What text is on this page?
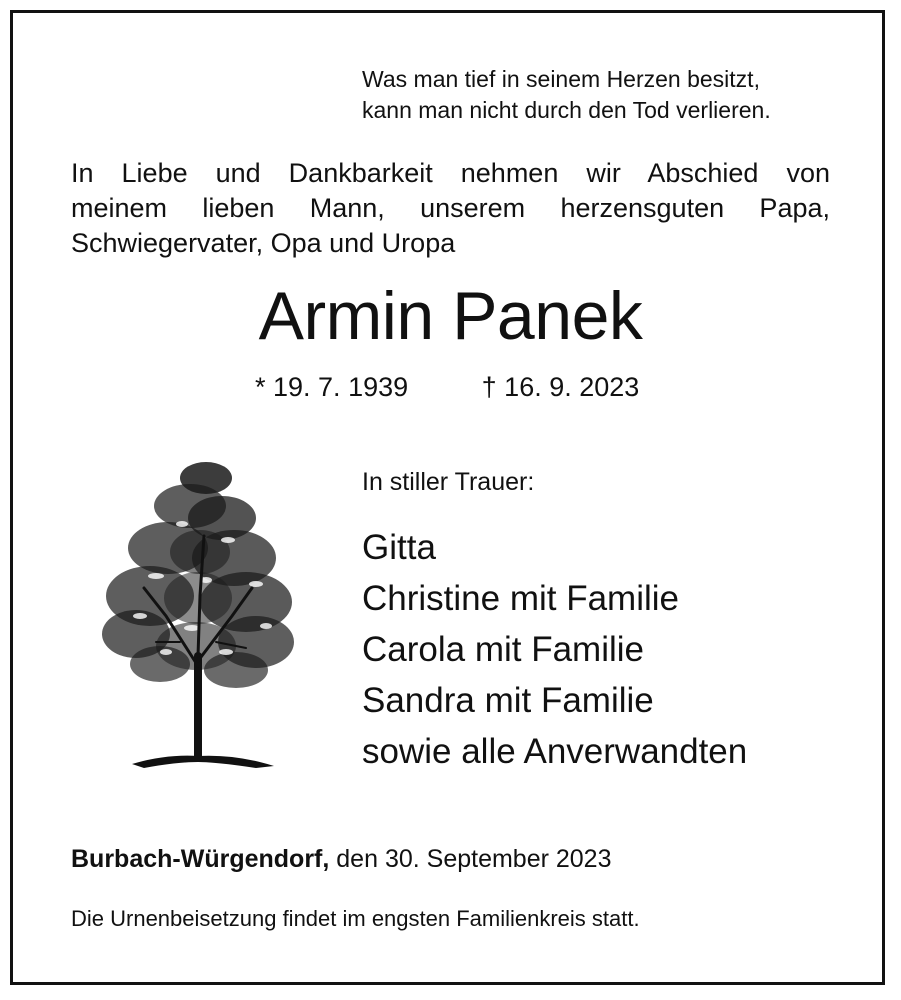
Was man tief in seinem Herzen besitzt,
kann man nicht durch den Tod verlieren.
In Liebe und Dankbarkeit nehmen wir Abschied von
meinem lieben Mann, unserem herzensguten Papa,
Schwiegervater, Opa und Uropa
Armin Panek
* 19. 7. 1939	† 16. 9. 2023
In stiller Trauer:
Gitta
Christine mit Familie
Carola mit Familie
Sandra mit Familie
sowie alle Anverwandten
Burbach-Würgendorf, den 30. September 2023
Die Urnenbeisetzung findet im engsten Familienkreis statt.
